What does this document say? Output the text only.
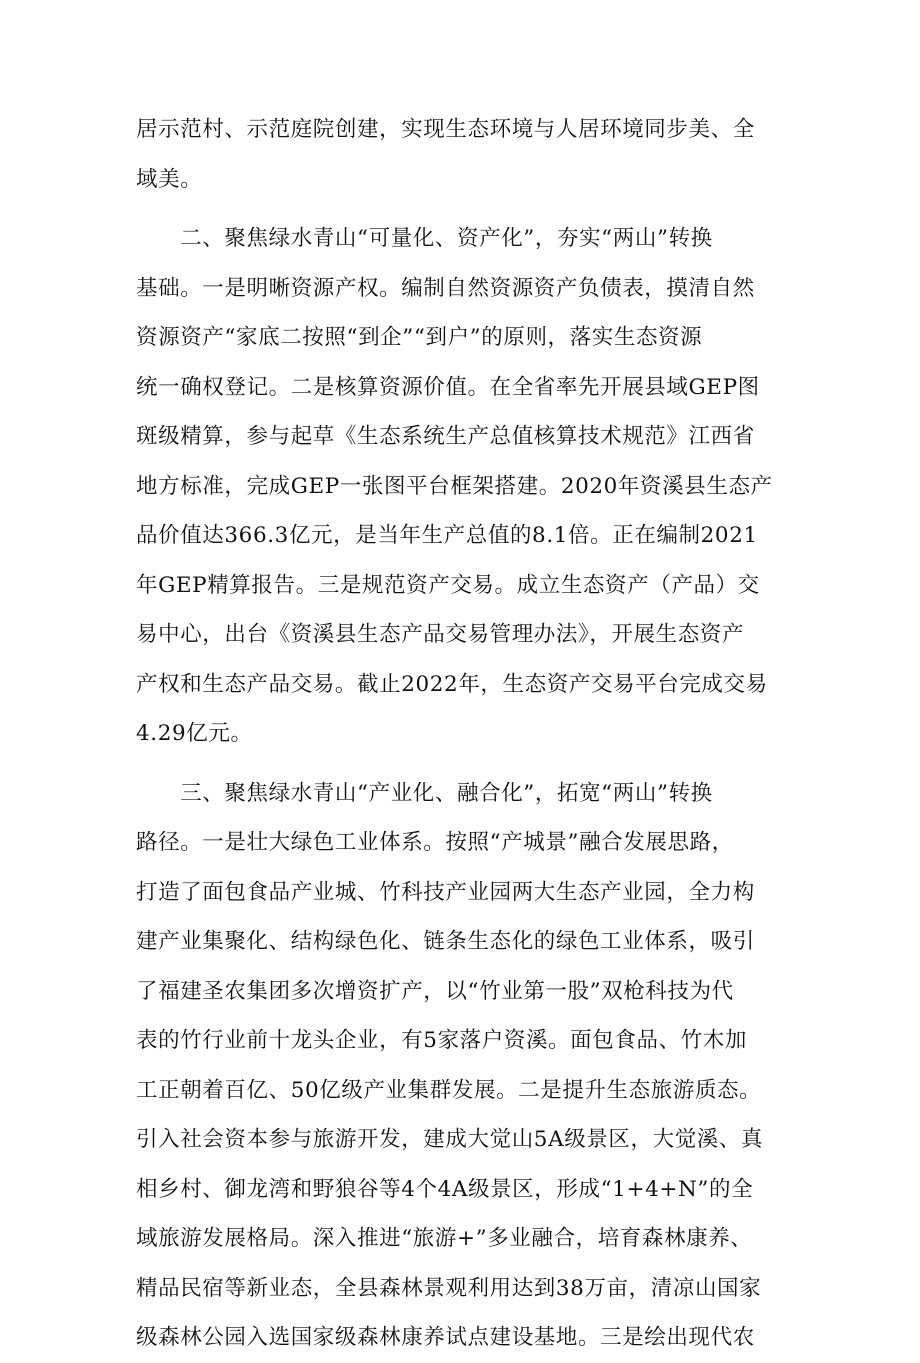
居示范村、示范庭院创建，实现生态环境与人居环境同步美、全
域美。
　　二、聚焦绿水青山“可量化、资产化”，夯实“两山”转换
基础。一是明晰资源产权。编制自然资源资产负债表，摸清自然
资源资产“家底二按照“到企”“到户”的原则，落实生态资源
统一确权登记。二是核算资源价值。在全省率先开展县域GEP图
斑级精算，参与起草《生态系统生产总值核算技术规范》江西省
地方标准，完成GEP一张图平台框架搭建。2020年资溪县生态产
品价值达366.3亿元，是当年生产总值的8.1倍。正在编制2021
年GEP精算报告。三是规范资产交易。成立生态资产（产品）交
易中心，出台《资溪县生态产品交易管理办法》，开展生态资产
产权和生态产品交易。截止2022年，生态资产交易平台完成交易
4.29亿元。
　　三、聚焦绿水青山“产业化、融合化”，拓宽“两山”转换
路径。一是壮大绿色工业体系。按照“产城景”融合发展思路，
打造了面包食品产业城、竹科技产业园两大生态产业园，全力构
建产业集聚化、结构绿色化、链条生态化的绿色工业体系，吸引
了福建圣农集团多次增资扩产，以“竹业第一股”双枪科技为代
表的竹行业前十龙头企业，有5家落户资溪。面包食品、竹木加
工正朝着百亿、50亿级产业集群发展。二是提升生态旅游质态。
引入社会资本参与旅游开发，建成大觉山5A级景区，大觉溪、真
相乡村、御龙湾和野狼谷等4个4A级景区，形成“1+4+N”的全
域旅游发展格局。深入推进“旅游+”多业融合，培育森林康养、
精品民宿等新业态，全县森林景观利用达到38万亩，清凉山国家
级森林公园入选国家级森林康养试点建设基地。三是绘出现代农
